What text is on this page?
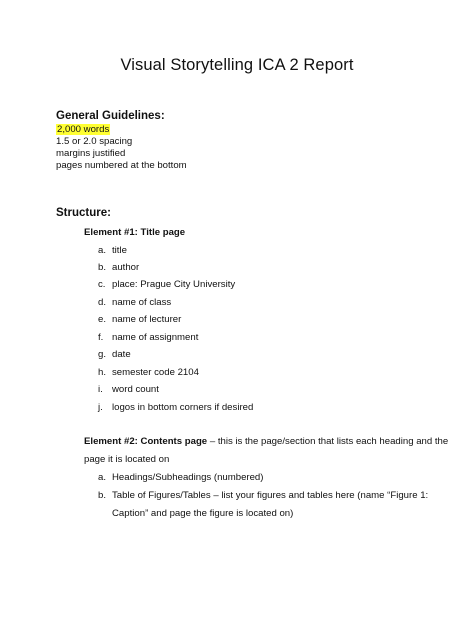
Visual Storytelling ICA 2 Report
General Guidelines:
2,000 words
1.5 or 2.0 spacing
margins justified
pages numbered at the bottom
Structure:
Element #1: Title page
a. title
b. author
c. place: Prague City University
d. name of class
e. name of lecturer
f. name of assignment
g. date
h. semester code 2104
i. word count
j. logos in bottom corners if desired
Element #2: Contents page – this is the page/section that lists each heading and the
page it is located on
a. Headings/Subheadings (numbered)
b. Table of Figures/Tables – list your figures and tables here (name “Figure 1:
Caption” and page the figure is located on)
